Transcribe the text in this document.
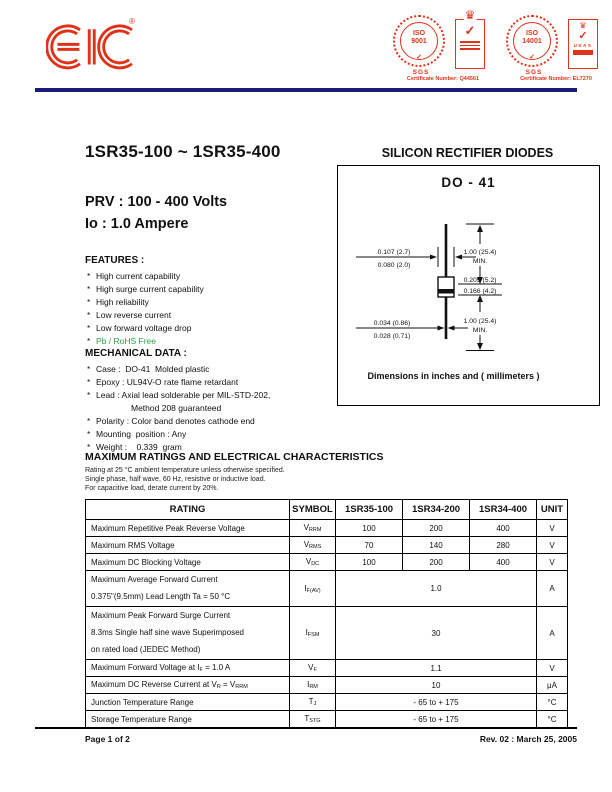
®
ISO
9001
✓
SGS
♛
✓
Certificate Number: Q44561
ISO
14001
✓
SGS
♛
✓
UKAS
Certificate Number: EL7270
1SR35-100 ~ 1SR35-400	SILICON RECTIFIER DIODES
PRV : 100 - 400 Volts
Io : 1.0 Ampere
DO - 41
0.107 (2.7)
0.080 (2.0)
1.00 (25.4)
MIN.
0.205 (5.2)
0.166 (4.2)
1.00 (25.4)
MIN.
0.034 (0.86)
0.028 (0.71)
Dimensions in inches and ( millimeters )
FEATURES :
* High current capability
* High surge current capability
* High reliability
* Low reverse current
* Low forward voltage drop
* Pb / RoHS Free
MECHANICAL DATA :
* Case :  DO-41  Molded plastic
* Epoxy : UL94V-O rate flame retardant
* Lead : Axial lead solderable per MIL-STD-202,
Method 208 guaranteed
* Polarity : Color band denotes cathode end
* Mounting  position : Any
* Weight :    0.339  gram
MAXIMUM RATINGS AND ELECTRICAL CHARACTERISTICS
Rating at 25 °C ambient temperature unless otherwise specified.
Single phase, half wave, 60 Hz, resistive or inductive load.
For capacitive load, derate current by 20%.
RATING	SYMBOL	1SR35-100	1SR34-200	1SR34-400	UNIT
Maximum Repetitive Peak Reverse Voltage	$V_{RRM}$	100	200	400	V
Maximum RMS Voltage	$V_{RMS}$	70	140	280	V
Maximum DC Blocking Voltage	$V_{DC}$	100	200	400	V

Maximum Average Forward Current
0.375"(9.5mm) Lead Length Ta = 50 °C	$I_{F(AV)}$	1.0			A

Maximum Peak Forward Surge Current
8.3ms Single half sine wave Superimposed
on rated load (JEDEC Method)	$I_{FSM}$	30			A
Maximum Forward Voltage at $I_F = 1.0$ A	$V_F$	1.1			V
Maximum DC Reverse Current at $V_R = V_{RRM}$	$I_{RM}$	10			μA
Junction Temperature Range	$T_J$	- 65 to + 175			°C
Storage Temperature Range	$T_{STG}$	- 65 to + 175			°C
Page 1 of 2	Rev. 02 : March 25, 2005
